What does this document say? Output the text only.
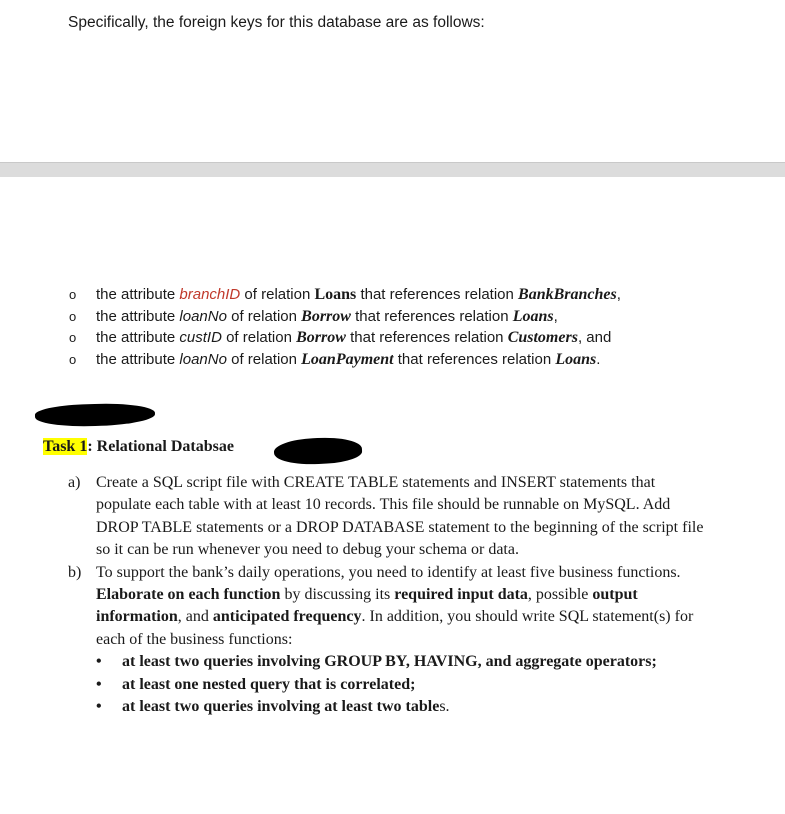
Specifically, the foreign keys for this database are as follows:
o the attribute branchID of relation Loans that references relation BankBranches,
o the attribute loanNo of relation Borrow that references relation Loans,
o the attribute custID of relation Borrow that references relation Customers, and
o the attribute loanNo of relation LoanPayment that references relation Loans.
Task 1: Relational Databsae
a) Create a SQL script file with CREATE TABLE statements and INSERT statements that populate each table with at least 10 records. This file should be runnable on MySQL. Add DROP TABLE statements or a DROP DATABASE statement to the beginning of the script file so it can be run whenever you need to debug your schema or data.
b) To support the bank’s daily operations, you need to identify at least five business functions. Elaborate on each function by discussing its required input data, possible output information, and anticipated frequency. In addition, you should write SQL statement(s) for each of the business functions:
• at least two queries involving GROUP BY, HAVING, and aggregate operators;
• at least one nested query that is correlated;
• at least two queries involving at least two tables.
